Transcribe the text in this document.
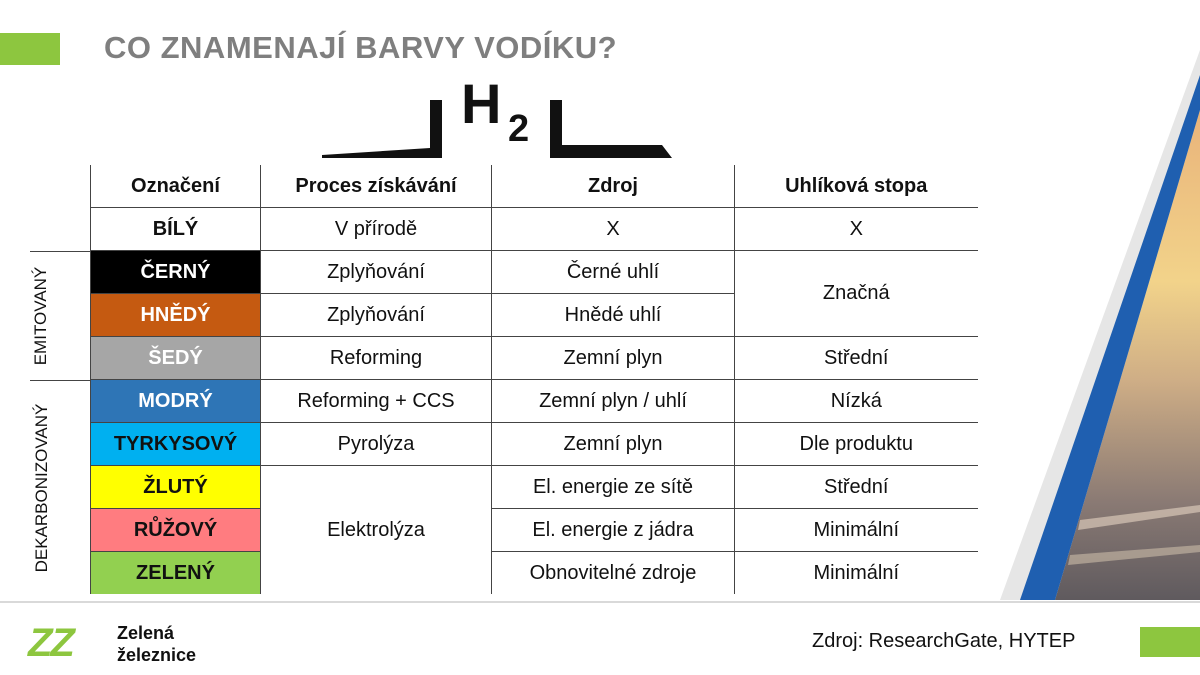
CO ZNAMENAJÍ BARVY VODÍKU?
H 2
EMITOVANÝ
DEKARBONIZOVANÝ
Označení	Proces získávání	Zdroj	Uhlíková stopa
BÍLÝ	V přírodě	X	X
ČERNÝ	Zplyňování	Černé uhlí	Značná
HNĚDÝ	Zplyňování	Hnědé uhlí	
ŠEDÝ	Reforming	Zemní plyn	Střední
MODRÝ	Reforming + CCS	Zemní plyn / uhlí	Nízká
TYRKYSOVÝ	Pyrolýza	Zemní plyn	Dle produktu
ŽLUTÝ	Elektrolýza	El. energie ze sítě	Střední
RŮŽOVÝ		El. energie z jádra	Minimální
ZELENÝ		Obnovitelné zdroje	Minimální
ZZ Zelená
železnice
Zdroj: ResearchGate, HYTEP
